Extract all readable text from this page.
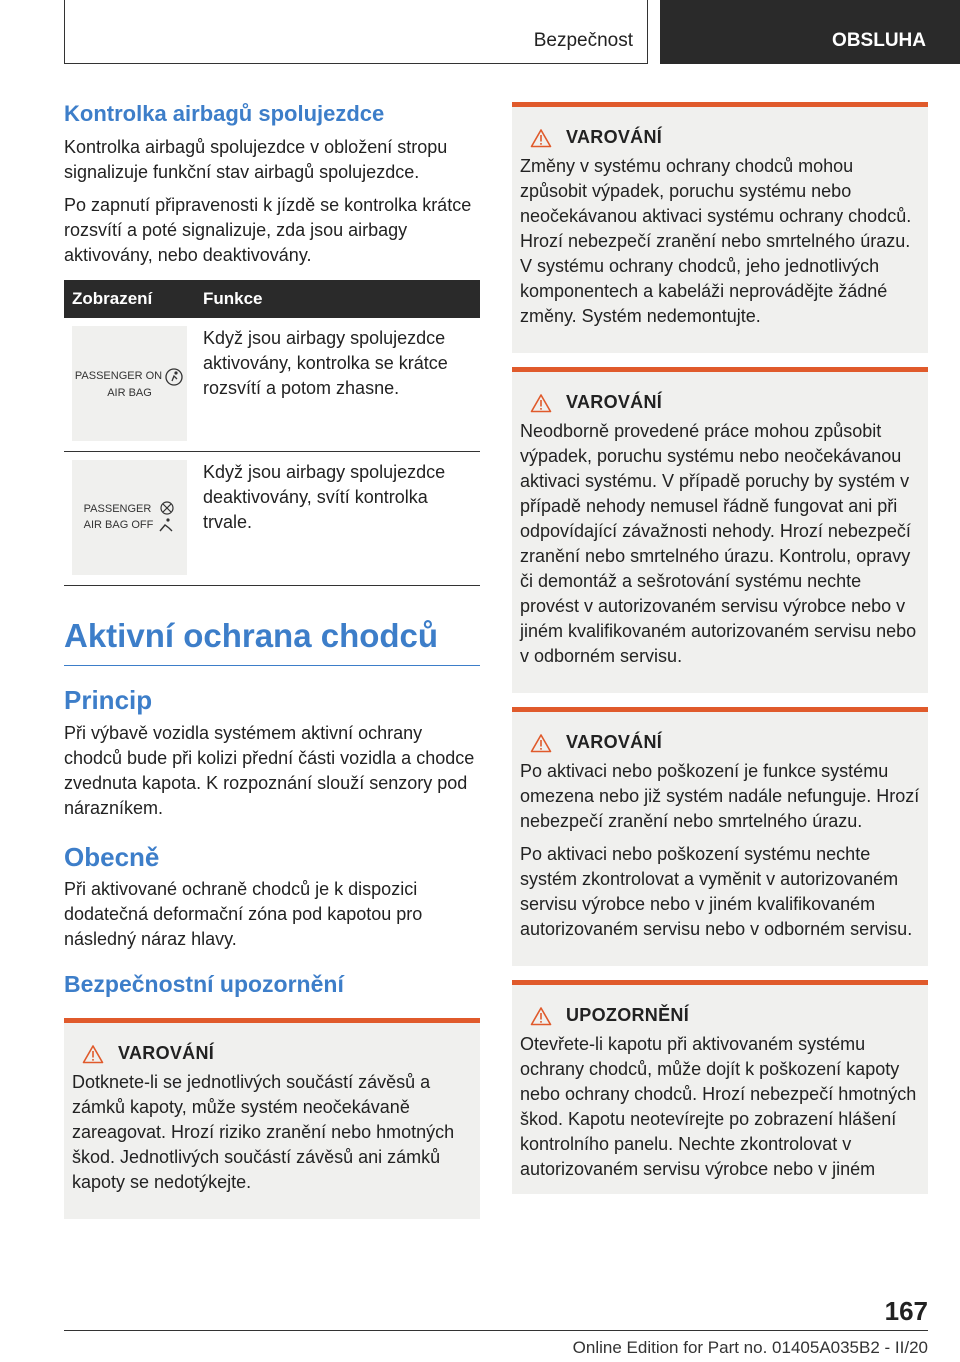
Bezpečnost	OBSLUHA
Kontrolka airbagů spolujezdce

Kontrolka airbagů spolujezdce v obložení stropu signalizuje funkční stav airbagů spolujezdce.

Po zapnutí připravenosti k jízdě se kontrolka krátce rozsvítí a poté signalizuje, zda jsou airbagy aktivovány, nebo deaktivovány.

Zobrazení	Funkce

PASSENGER ON
AIR BAG	Když jsou airbagy spolujezdce aktivovány, kontrolka se krátce rozsvítí a potom zhasne.

PASSENGER
AIR BAG OFF	Když jsou airbagy spolujezdce deaktivovány, svítí kontrolka trvale.
Aktivní ochrana chodců
Princip

Při výbavě vozidla systémem aktivní ochrany chodců bude při kolizi přední části vozidla a chodce zvednuta kapota. K rozpoznání slouží senzory pod nárazníkem.

Obecně

Při aktivované ochraně chodců je k dispozici dodatečná deformační zóna pod kapotou pro následný náraz hlavy.

Bezpečnostní upozornění
VAROVÁNÍ

Dotknete-li se jednotlivých součástí závěsů a zámků kapoty, může systém neočekávaně zareagovat. Hrozí riziko zranění nebo hmotných škod. Jednotlivých součástí závěsů ani zámků kapoty se nedotýkejte.

VAROVÁNÍ

Změny v systému ochrany chodců mohou způsobit výpadek, poruchu systému nebo neočekávanou aktivaci systému ochrany chodců. Hrozí nebezpečí zranění nebo smrtelného úrazu. V systému ochrany chodců, jeho jednotlivých komponentech a kabeláži neprovádějte žádné změny. Systém nedemontujte.

VAROVÁNÍ

Neodborně provedené práce mohou způsobit výpadek, poruchu systému nebo neočekávanou aktivaci systému. V případě poruchy by systém v případě nehody nemusel řádně fungovat ani při odpovídající závažnosti nehody. Hrozí nebezpečí zranění nebo smrtelného úrazu. Kontrolu, opravy či demontáž a sešrotování systému nechte provést v autorizovaném servisu výrobce nebo v jiném kvalifikovaném autorizovaném servisu nebo v odborném servisu.

VAROVÁNÍ

Po aktivaci nebo poškození je funkce systému omezena nebo již systém nadále nefunguje. Hrozí nebezpečí zranění nebo smrtelného úrazu.

Po aktivaci nebo poškození systému nechte systém zkontrolovat a vyměnit v autorizovaném servisu výrobce nebo v jiném kvalifikovaném autorizovaném servisu nebo v odborném servisu.

UPOZORNĚNÍ

Otevřete-li kapotu při aktivovaném systému ochrany chodců, může dojít k poškození kapoty nebo ochrany chodců. Hrozí nebezpečí hmotných škod. Kapotu neotevírejte po zobrazení hlášení kontrolního panelu. Nechte zkontrolovat v autorizovaném servisu výrobce nebo v jiném

167
Online Edition for Part no. 01405A035B2 - II/20
